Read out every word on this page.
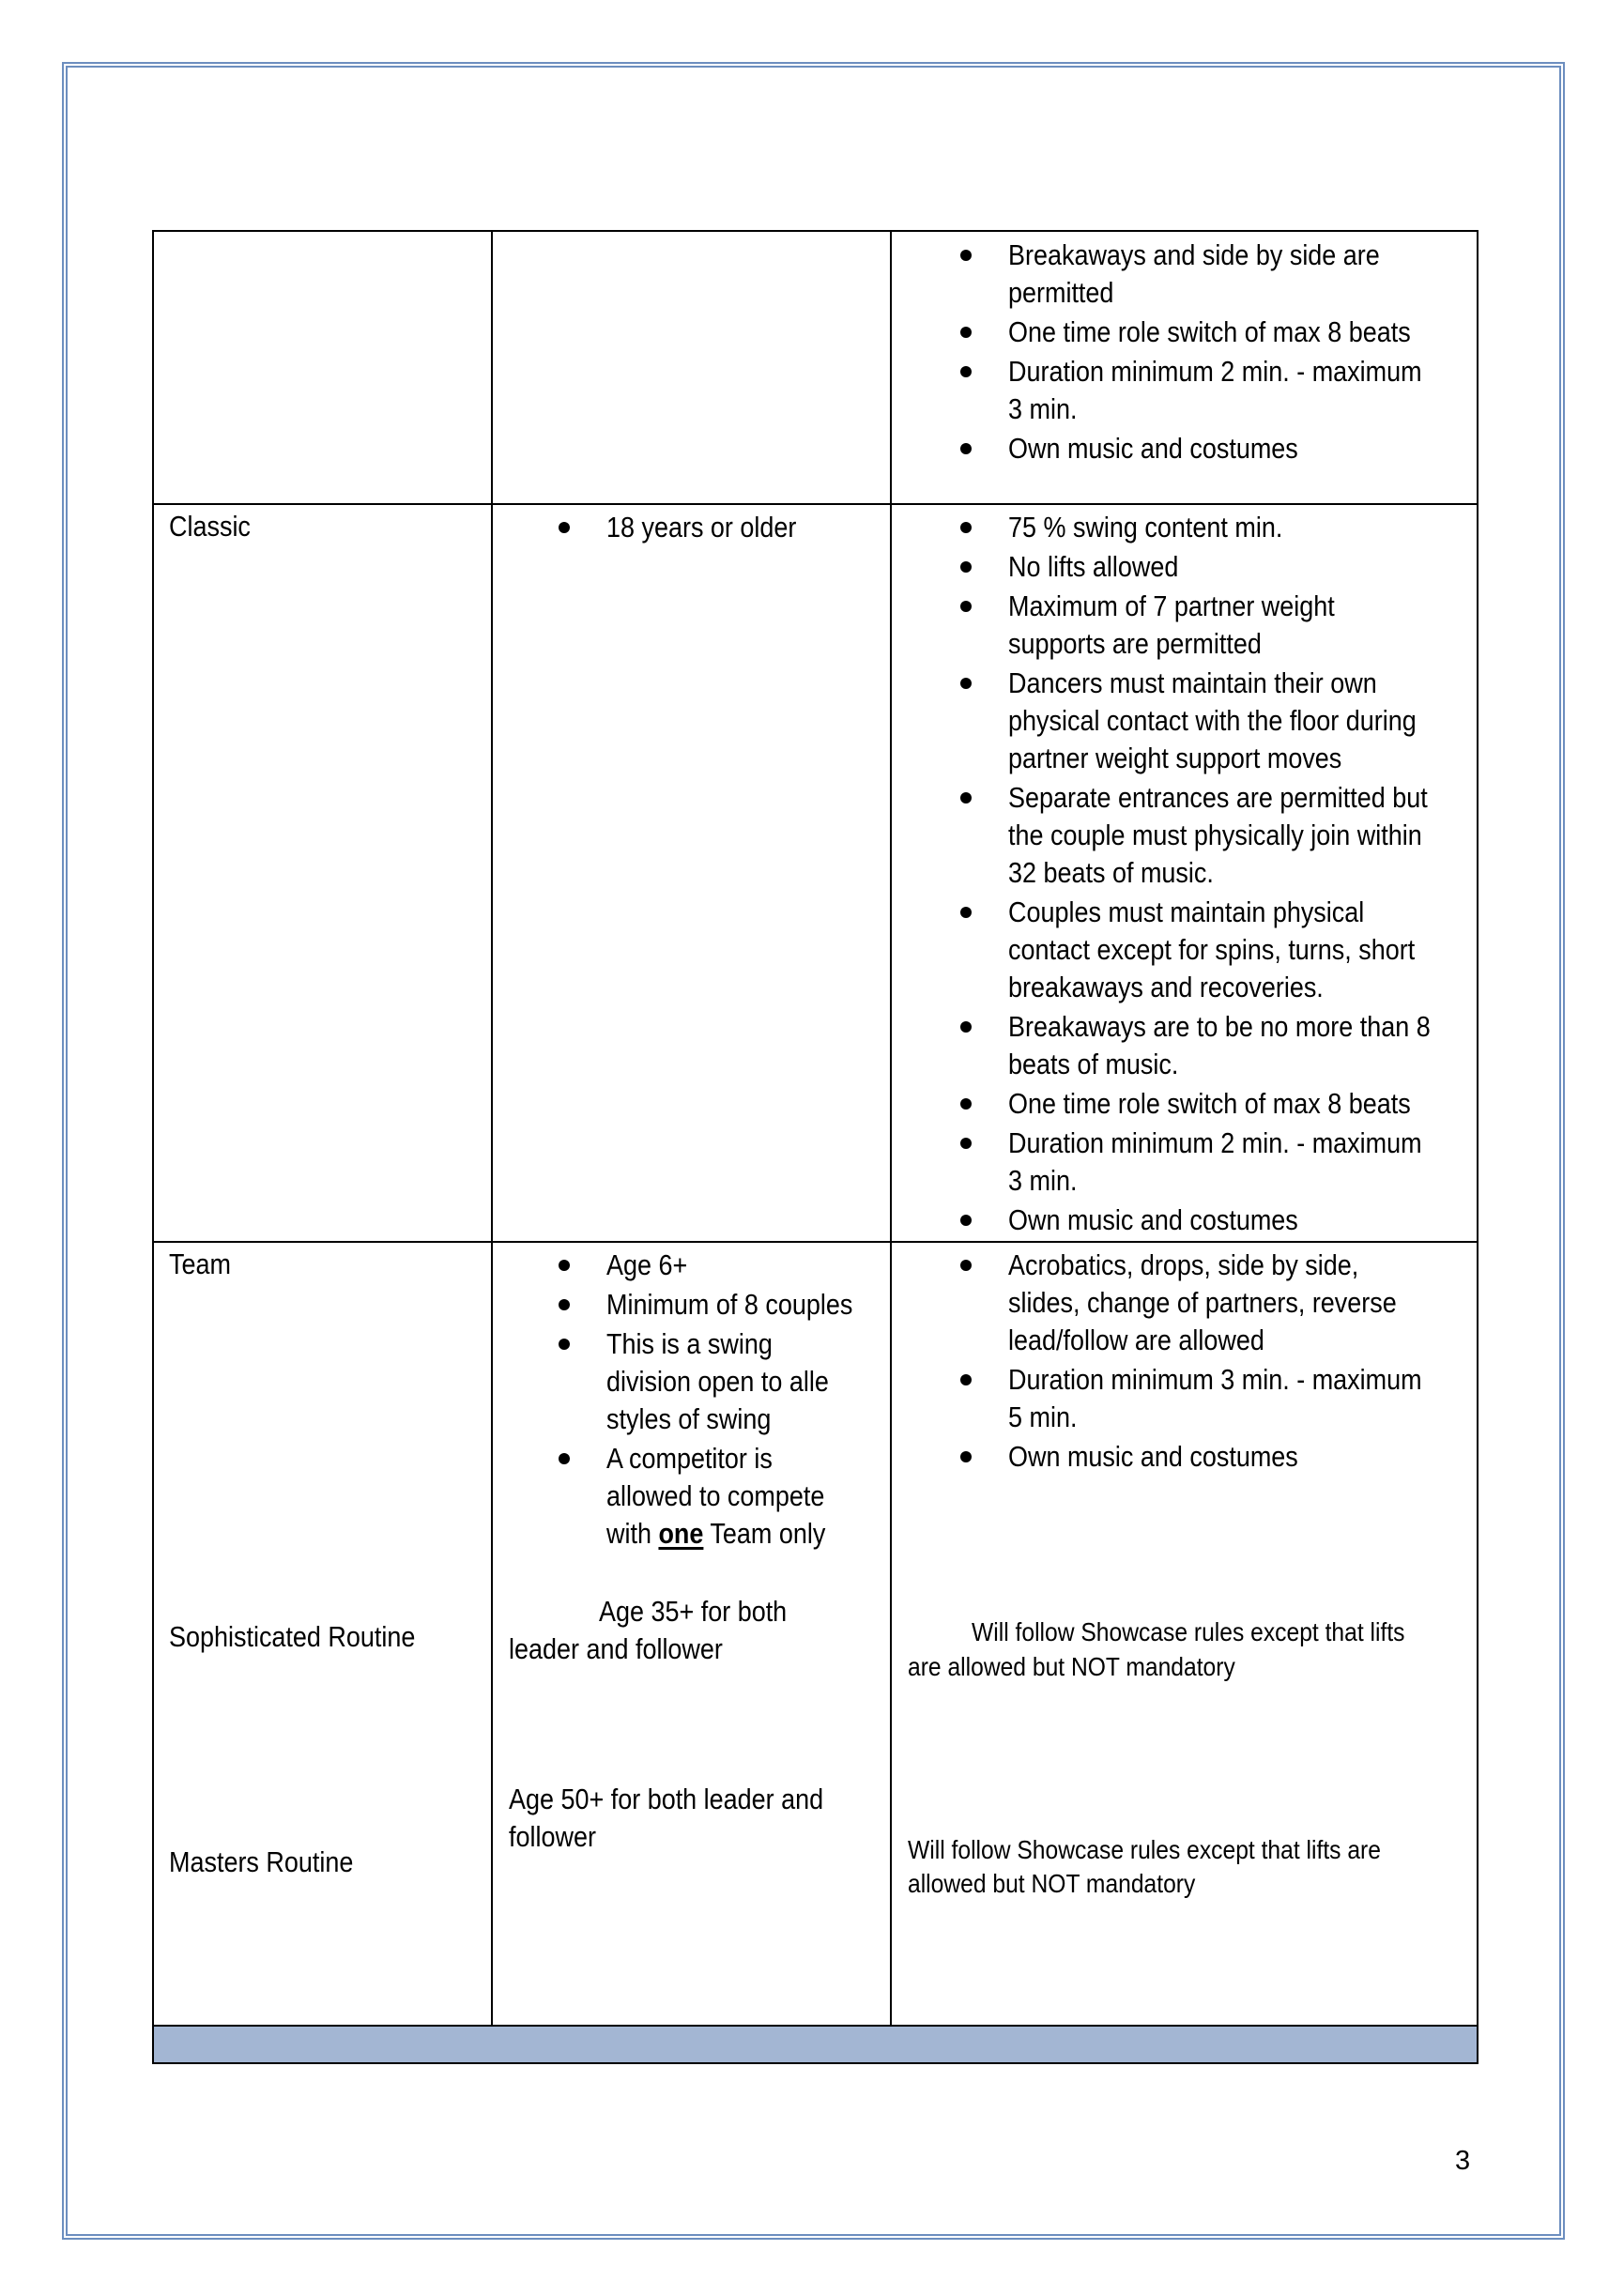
Breakaways and side by side are
permitted
One time role switch of max 8 beats
Duration minimum 2 min. - maximum
3 min.
Own music and costumes
Classic	18 years or older	75 % swing content min.
No lifts allowed
Maximum of 7 partner weight
supports are permitted
Dancers must maintain their own
physical contact with the floor during
partner weight support moves
Separate entrances are permitted but
the couple must physically join within
32 beats of music.
Couples must maintain physical
contact except for spins, turns, short
breakaways and recoveries.
Breakaways are to be no more than 8
beats of music.
One time role switch of max 8 beats
Duration minimum 2 min. - maximum
3 min.
Own music and costumes
Team
Sophisticated Routine
Masters Routine
Age 6+
Minimum of 8 couples
This is a swing
division open to alle
styles of swing
A competitor is
allowed to compete
with one Team only
Age 35+ for both
leader and follower
Age 50+ for both leader and
follower
Acrobatics, drops, side by side,
slides, change of partners, reverse
lead/follow are allowed
Duration minimum 3 min. - maximum
5 min.
Own music and costumes
Will follow Showcase rules except that lifts
are allowed but NOT mandatory
Will follow Showcase rules except that lifts are
allowed but NOT mandatory
3
